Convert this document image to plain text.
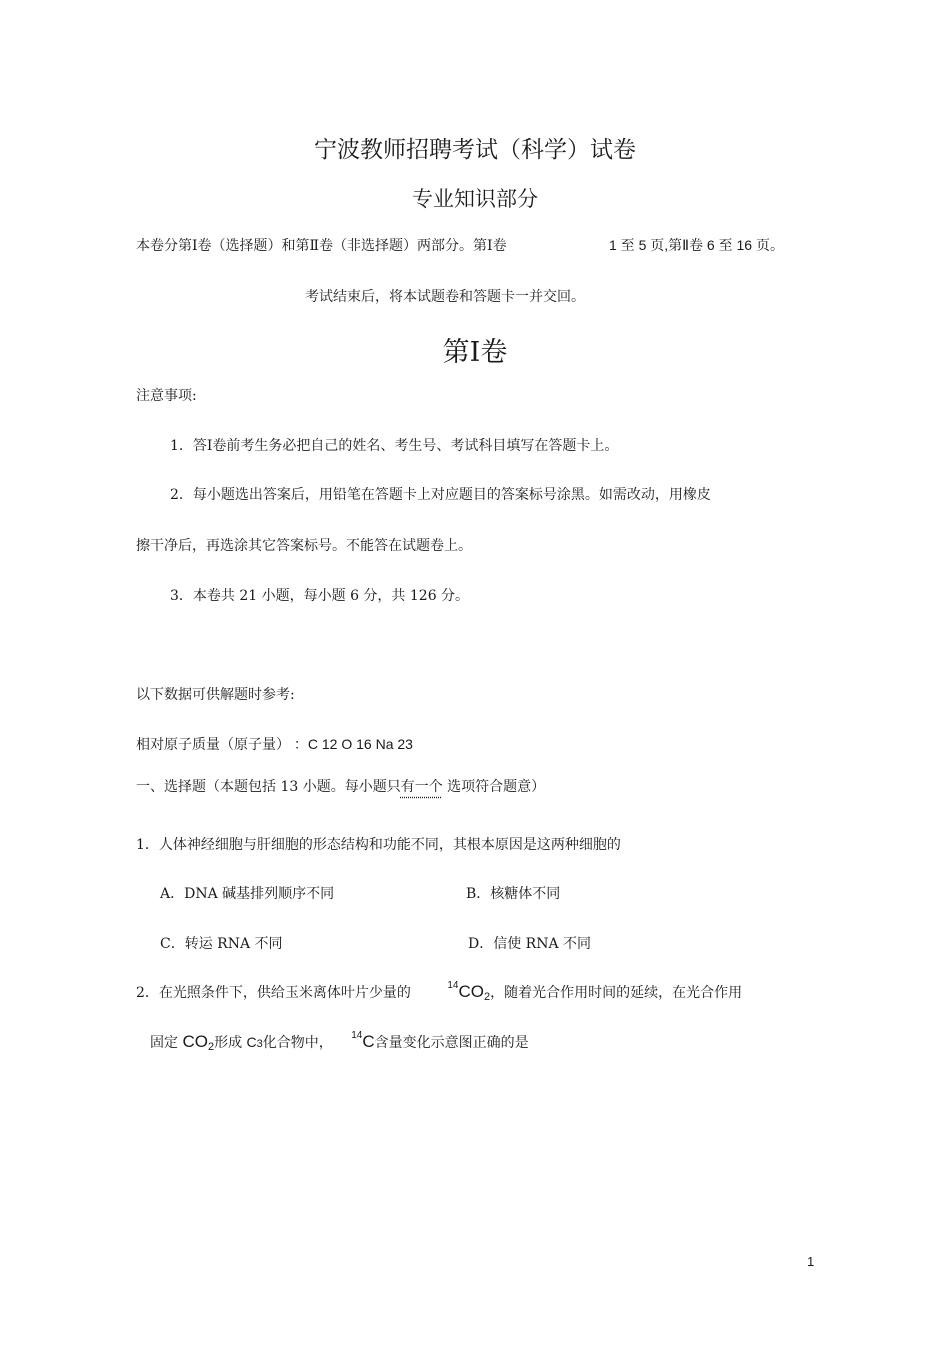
宁波教师招聘考试（科学）试卷
专业知识部分
本卷分第Ⅰ卷（选择题）和第Ⅱ卷（非选择题）两部分。第Ⅰ卷	1 至 5 页,第Ⅱ卷 6 至 16 页。
考试结束后，将本试题卷和答题卡一并交回。
第Ⅰ卷
注意事项:
1．答Ⅰ卷前考生务必把自己的姓名、考生号、考试科目填写在答题卡上。
2．每小题选出答案后，用铅笔在答题卡上对应题目的答案标号涂黑。如需改动，用橡皮
擦干净后，再选涂其它答案标号。不能答在试题卷上。
3．本卷共 21 小题，每小题 6 分，共 126 分。
以下数据可供解题时参考:
相对原子质量（原子量） ：C 12 O 16 Na 23
一、选择题（本题包括 13 小题。每小题只有一个 选项符合题意）
1．人体神经细胞与肝细胞的形态结构和功能不同，其根本原因是这两种细胞的
A．DNA 碱基排列顺序不同	B．核糖体不同
C．转运 RNA 不同	D．信使 RNA 不同
2．在光照条件下，供给玉米离体叶片少量的	$^{14}CO_2$，随着光合作用时间的延续，在光合作用
固定 $CO_2$形成 C3化合物中， $^{14}$C含量变化示意图正确的是
1
